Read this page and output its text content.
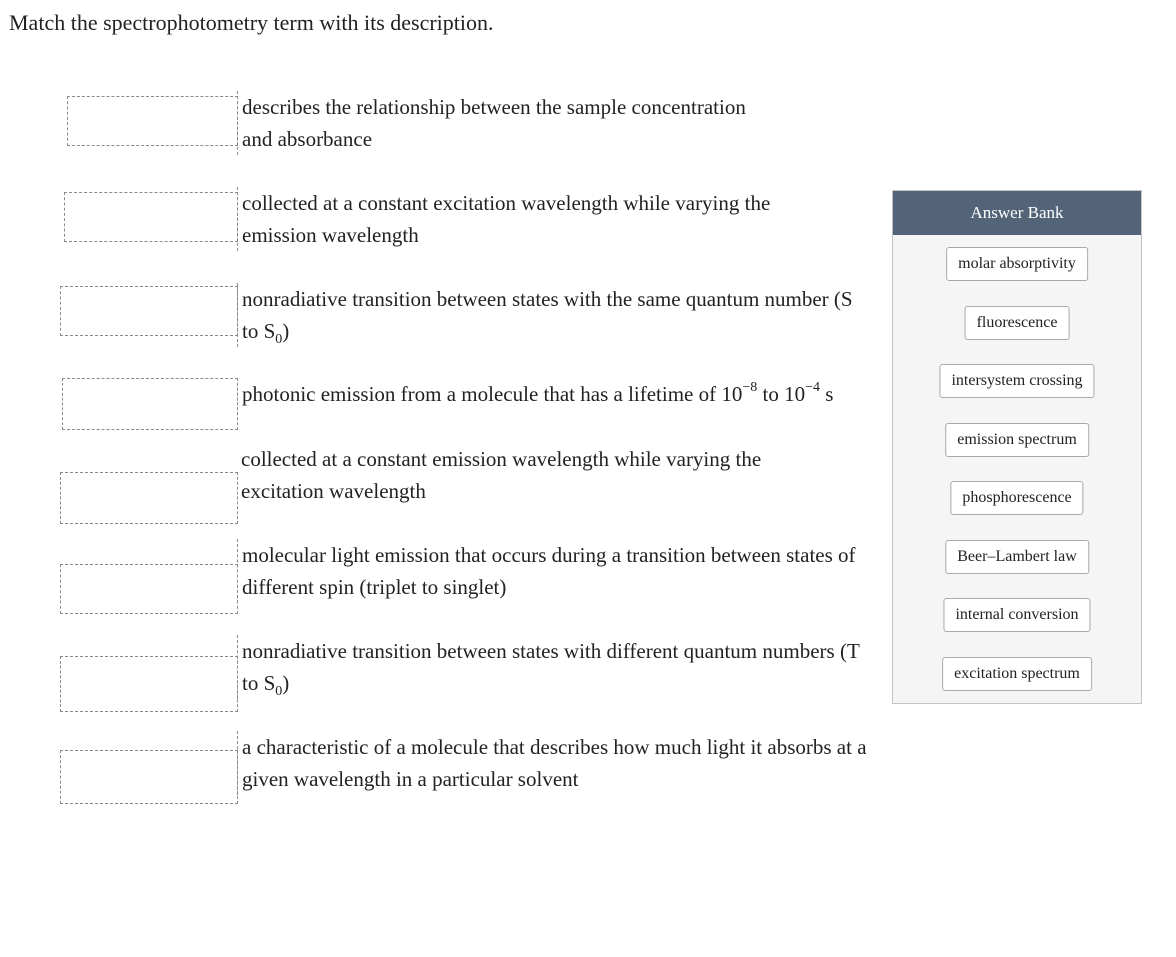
Match the spectrophotometry term with its description.
describes the relationship between the sample concentration
and absorbance
collected at a constant excitation wavelength while varying the
emission wavelength
nonradiative transition between states with the same quantum number (S
to $S_0$)
photonic emission from a molecule that has a lifetime of $10^{-8}$ to $10^{-4}$ s
collected at a constant emission wavelength while varying the
excitation wavelength
molecular light emission that occurs during a transition between states of
different spin (triplet to singlet)
nonradiative transition between states with different quantum numbers (T
to $S_0$)
a characteristic of a molecule that describes how much light it absorbs at a
given wavelength in a particular solvent
Answer Bank
molar absorptivity
fluorescence
intersystem crossing
emission spectrum
phosphorescence
Beer–Lambert law
internal conversion
excitation spectrum
